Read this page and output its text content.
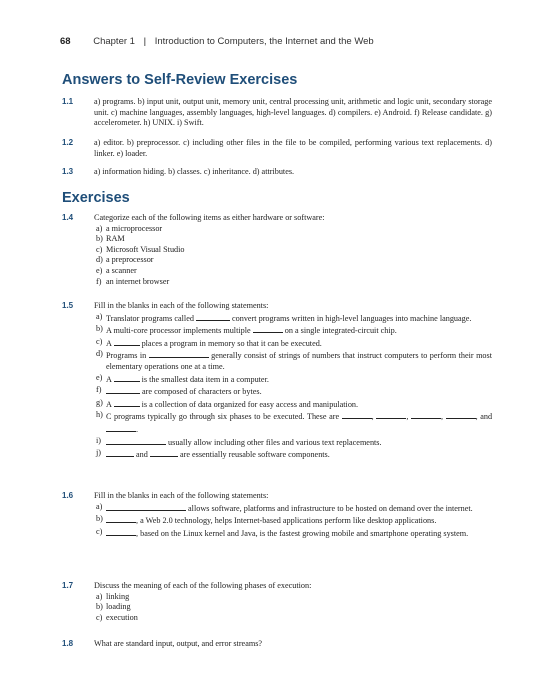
68 Chapter 1 | Introduction to Computers, the Internet and the Web
Answers to Self-Review Exercises
1.1	a) programs. b) input unit, output unit, memory unit, central processing unit, arithmetic and logic unit, secondary storage unit. c) machine languages, assembly languages, high-level languages. d) compilers. e) Android. f) Release candidate. g) accelerometer. h) UNIX. i) Swift.
1.2	a) editor. b) preprocessor. c) including other files in the file to be compiled, performing various text replacements. d) linker. e) loader.
1.3	a) information hiding. b) classes. c) inheritance. d) attributes.
Exercises
1.4	Categorize each of the following items as either hardware or software:
a) a microprocessor
b) RAM
c) Microsoft Visual Studio
d) a preprocessor
e) a scanner
f) an internet browser
1.5	Fill in the blanks in each of the following statements:
a) Translator programs called	convert programs written in high-level languages into machine language.
b) A multi-core processor implements multiple	on a single integrated-circuit chip.
c) A	places a program in memory so that it can be executed.
d) Programs in	generally consist of strings of numbers that instruct computers to perform their most elementary operations one at a time.
e) A	is the smallest data item in a computer.
f)	are composed of characters or bytes.
g) A	is a collection of data organized for easy access and manipulation.
h) C programs typically go through six phases to be executed. These are	,	,	,	, and .
i)	usually allow including other files and various text replacements.
j)	and	are essentially reusable software components.
1.6	Fill in the blanks in each of the following statements:
a)	allows software, platforms and infrastructure to be hosted on demand over the internet.
b)	, a Web 2.0 technology, helps Internet-based applications perform like desktop applications.
c)	, based on the Linux kernel and Java, is the fastest growing mobile and smartphone operating system.
1.7	Discuss the meaning of each of the following phases of execution:
a) linking
b) loading
c) execution
1.8	What are standard input, output, and error streams?
